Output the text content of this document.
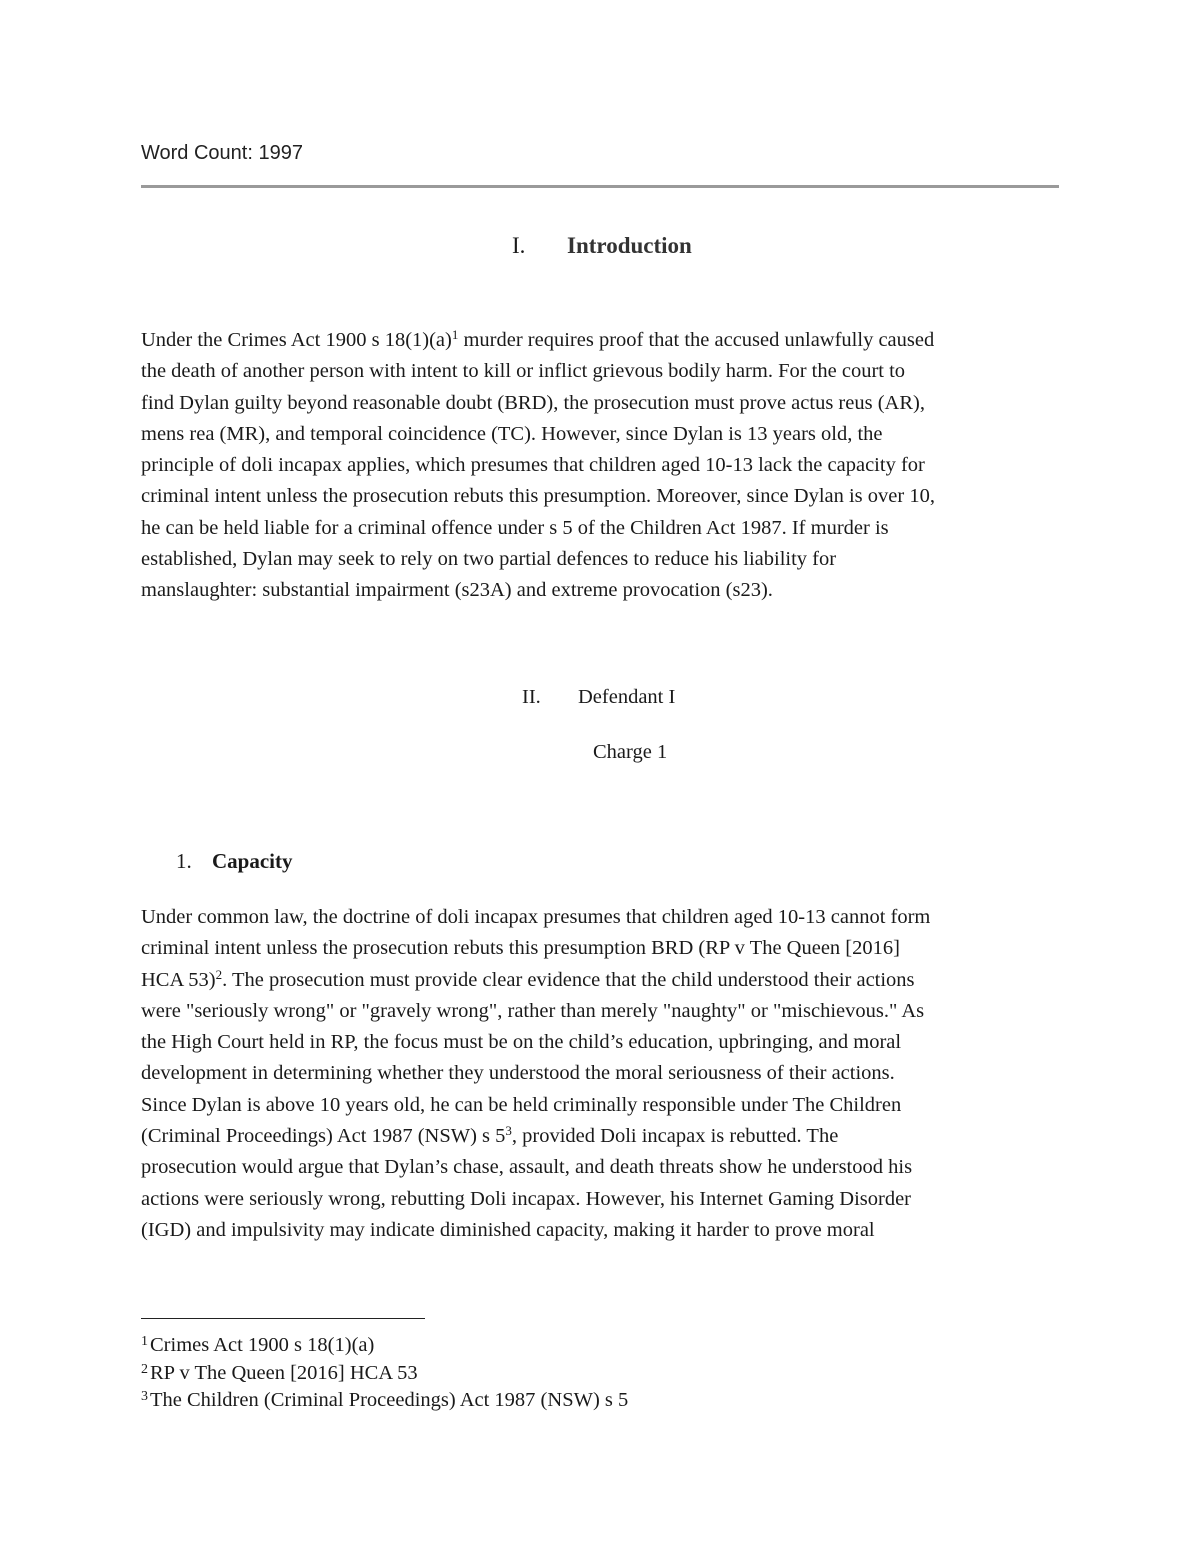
Word Count: 1997
I. Introduction
Under the Crimes Act 1900 s $18(1)(a)^1$ murder requires proof that the accused unlawfully caused
the death of another person with intent to kill or inflict grievous bodily harm. For the court to
find Dylan guilty beyond reasonable doubt (BRD), the prosecution must prove actus reus (AR),
mens rea (MR), and temporal coincidence (TC). However, since Dylan is 13 years old, the
principle of doli incapax applies, which presumes that children aged 10-13 lack the capacity for
criminal intent unless the prosecution rebuts this presumption. Moreover, since Dylan is over 10,
he can be held liable for a criminal offence under s 5 of the Children Act 1987. If murder is
established, Dylan may seek to rely on two partial defences to reduce his liability for
manslaughter: substantial impairment (s23A) and extreme provocation (s23).
II. Defendant I
Charge 1
1. Capacity
Under common law, the doctrine of doli incapax presumes that children aged 10-13 cannot form
criminal intent unless the prosecution rebuts this presumption BRD (RP v The Queen [2016]
HCA 53)$^2$. The prosecution must provide clear evidence that the child understood their actions
were "seriously wrong" or "gravely wrong", rather than merely "naughty" or "mischievous." As
the High Court held in RP, the focus must be on the child’s education, upbringing, and moral
development in determining whether they understood the moral seriousness of their actions.
Since Dylan is above 10 years old, he can be held criminally responsible under The Children
(Criminal Proceedings) Act 1987 (NSW) s $5^3$, provided Doli incapax is rebutted. The
prosecution would argue that Dylan’s chase, assault, and death threats show he understood his
actions were seriously wrong, rebutting Doli incapax. However, his Internet Gaming Disorder
(IGD) and impulsivity may indicate diminished capacity, making it harder to prove moral
$^1$Crimes Act 1900 s 18(1)(a)
$^2$RP v The Queen [2016] HCA 53
$^3$The Children (Criminal Proceedings) Act 1987 (NSW) s 5
